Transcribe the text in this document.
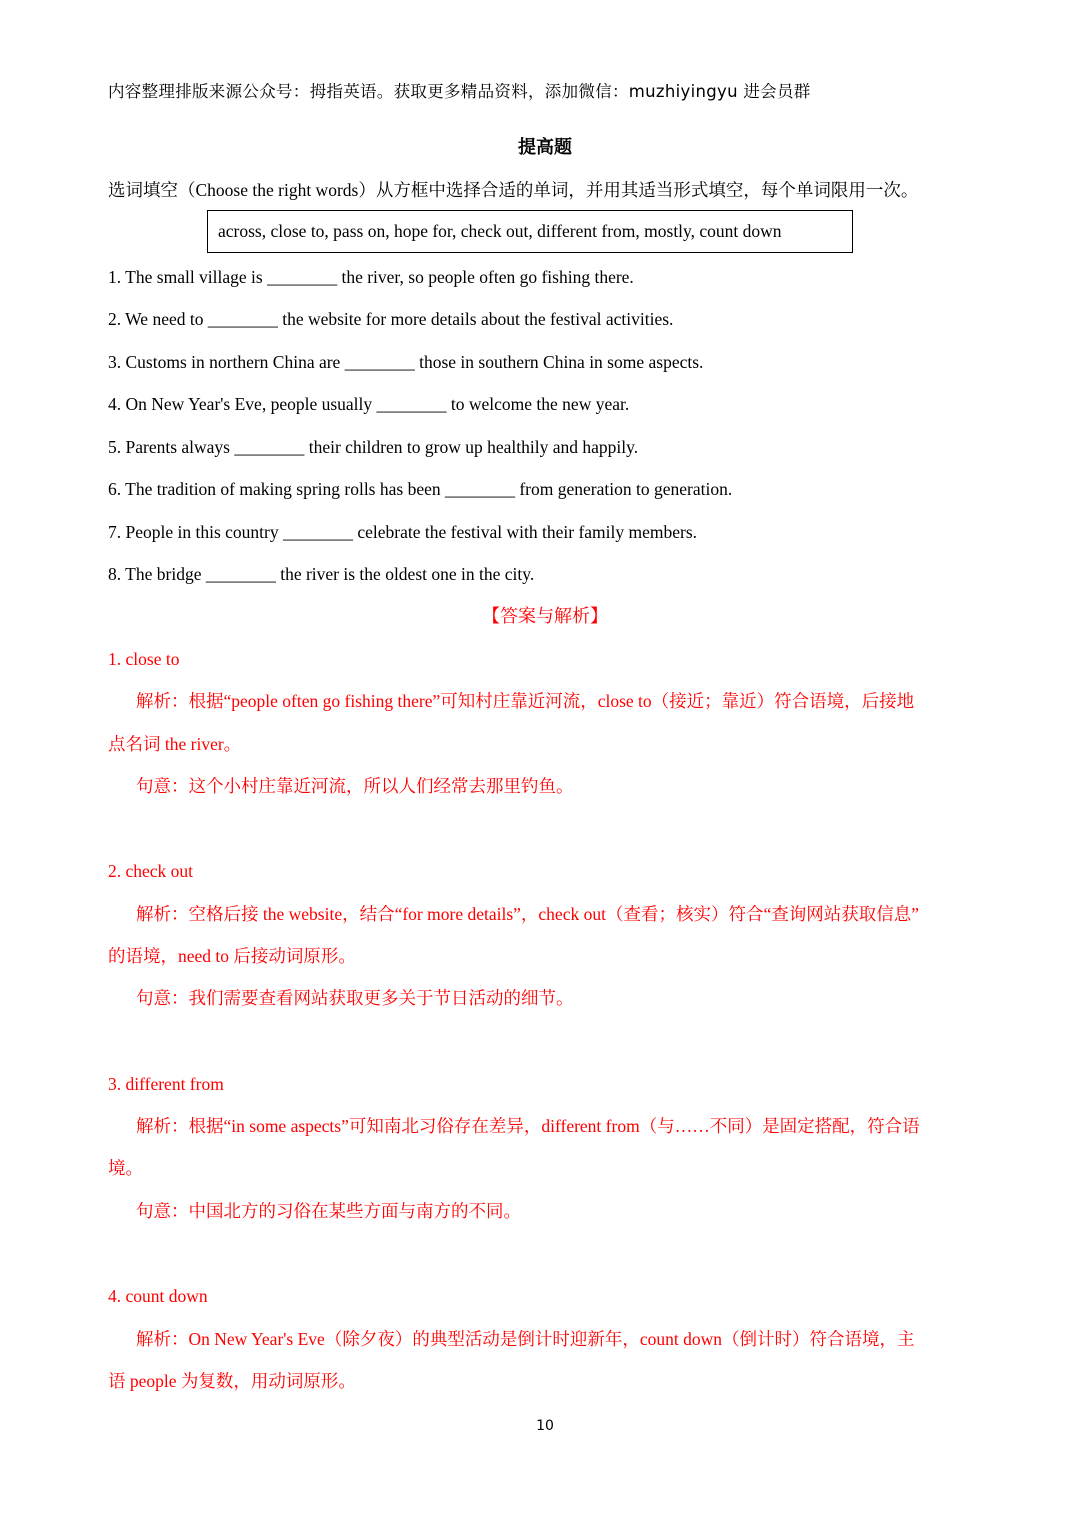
内容整理排版来源公众号：拇指英语。获取更多精品资料，添加微信：muzhiyingyu 进会员群
提高题
选词填空（Choose the right words）从方框中选择合适的单词，并用其适当形式填空，每个单词限用一次。
across, close to, pass on, hope for, check out, different from, mostly, count down
1. The small village is ________ the river, so people often go fishing there.
2. We need to ________ the website for more details about the festival activities.
3. Customs in northern China are ________ those in southern China in some aspects.
4. On New Year's Eve, people usually ________ to welcome the new year.
5. Parents always ________ their children to grow up healthily and happily.
6. The tradition of making spring rolls has been ________ from generation to generation.
7. People in this country ________ celebrate the festival with their family members.
8. The bridge ________ the river is the oldest one in the city.
【答案与解析】
1. close to
解析：根据“people often go fishing there”可知村庄靠近河流，close to（接近；靠近）符合语境，后接地
点名词 the river。
句意：这个小村庄靠近河流，所以人们经常去那里钓鱼。
2. check out
解析：空格后接 the website，结合“for more details”，check out（查看；核实）符合“查询网站获取信息”
的语境，need to 后接动词原形。
句意：我们需要查看网站获取更多关于节日活动的细节。
3. different from
解析：根据“in some aspects”可知南北习俗存在差异，different from（与……不同）是固定搭配，符合语
境。
句意：中国北方的习俗在某些方面与南方的不同。
4. count down
解析：On New Year's Eve（除夕夜）的典型活动是倒计时迎新年，count down（倒计时）符合语境，主
语 people 为复数，用动词原形。
10
